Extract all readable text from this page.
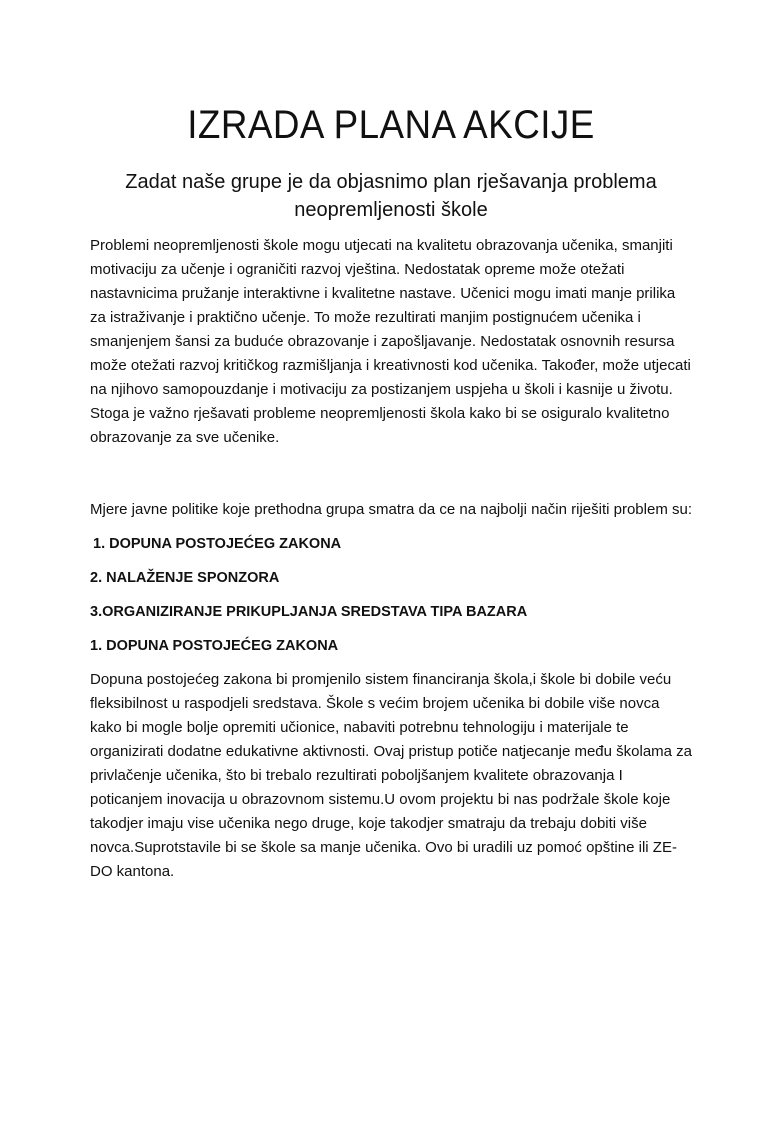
IZRADA PLANA AKCIJE
Zadat naše grupe je da objasnimo plan rješavanja problema neopremljenosti škole

Problemi neopremljenosti škole mogu utjecati na kvalitetu obrazovanja učenika, smanjiti motivaciju za učenje i ograničiti razvoj vještina. Nedostatak opreme može otežati nastavnicima pružanje interaktivne i kvalitetne nastave. Učenici mogu imati manje prilika za istraživanje i praktično učenje. To može rezultirati manjim postignućem učenika i smanjenjem šansi za buduće obrazovanje i zapošljavanje. Nedostatak osnovnih resursa može otežati razvoj kritičkog razmišljanja i kreativnosti kod učenika. Također, može utjecati na njihovo samopouzdanje i motivaciju za postizanjem uspjeha u školi i kasnije u životu. Stoga je važno rješavati probleme neopremljenosti škola kako bi se osiguralo kvalitetno obrazovanje za sve učenike.

Mjere javne politike koje prethodna grupa smatra da ce na najbolji način riješiti problem su:

1. DOPUNA POSTOJEĆEG ZAKONA

2. NALAŽENJE SPONZORA

3.ORGANIZIRANJE PRIKUPLJANJA SREDSTAVA TIPA BAZARA

1. DOPUNA POSTOJEĆEG ZAKONA

Dopuna postojećeg zakona bi promjenilo sistem financiranja škola,i škole bi dobile veću fleksibilnost u raspodjeli sredstava. Škole s većim brojem učenika bi dobile više novca kako bi mogle bolje opremiti učionice, nabaviti potrebnu tehnologiju i materijale te organizirati dodatne edukativne aktivnosti. Ovaj pristup potiče natjecanje među školama za privlačenje učenika, što bi trebalo rezultirati poboljšanjem kvalitete obrazovanja I poticanjem inovacija u obrazovnom sistemu.U ovom projektu bi nas podržale škole koje takodjer imaju vise učenika nego druge, koje takodjer smatraju da trebaju dobiti više novca.Suprotstavile bi se škole sa manje učenika. Ovo bi uradili uz pomoć opštine ili ZE-DO kantona.
